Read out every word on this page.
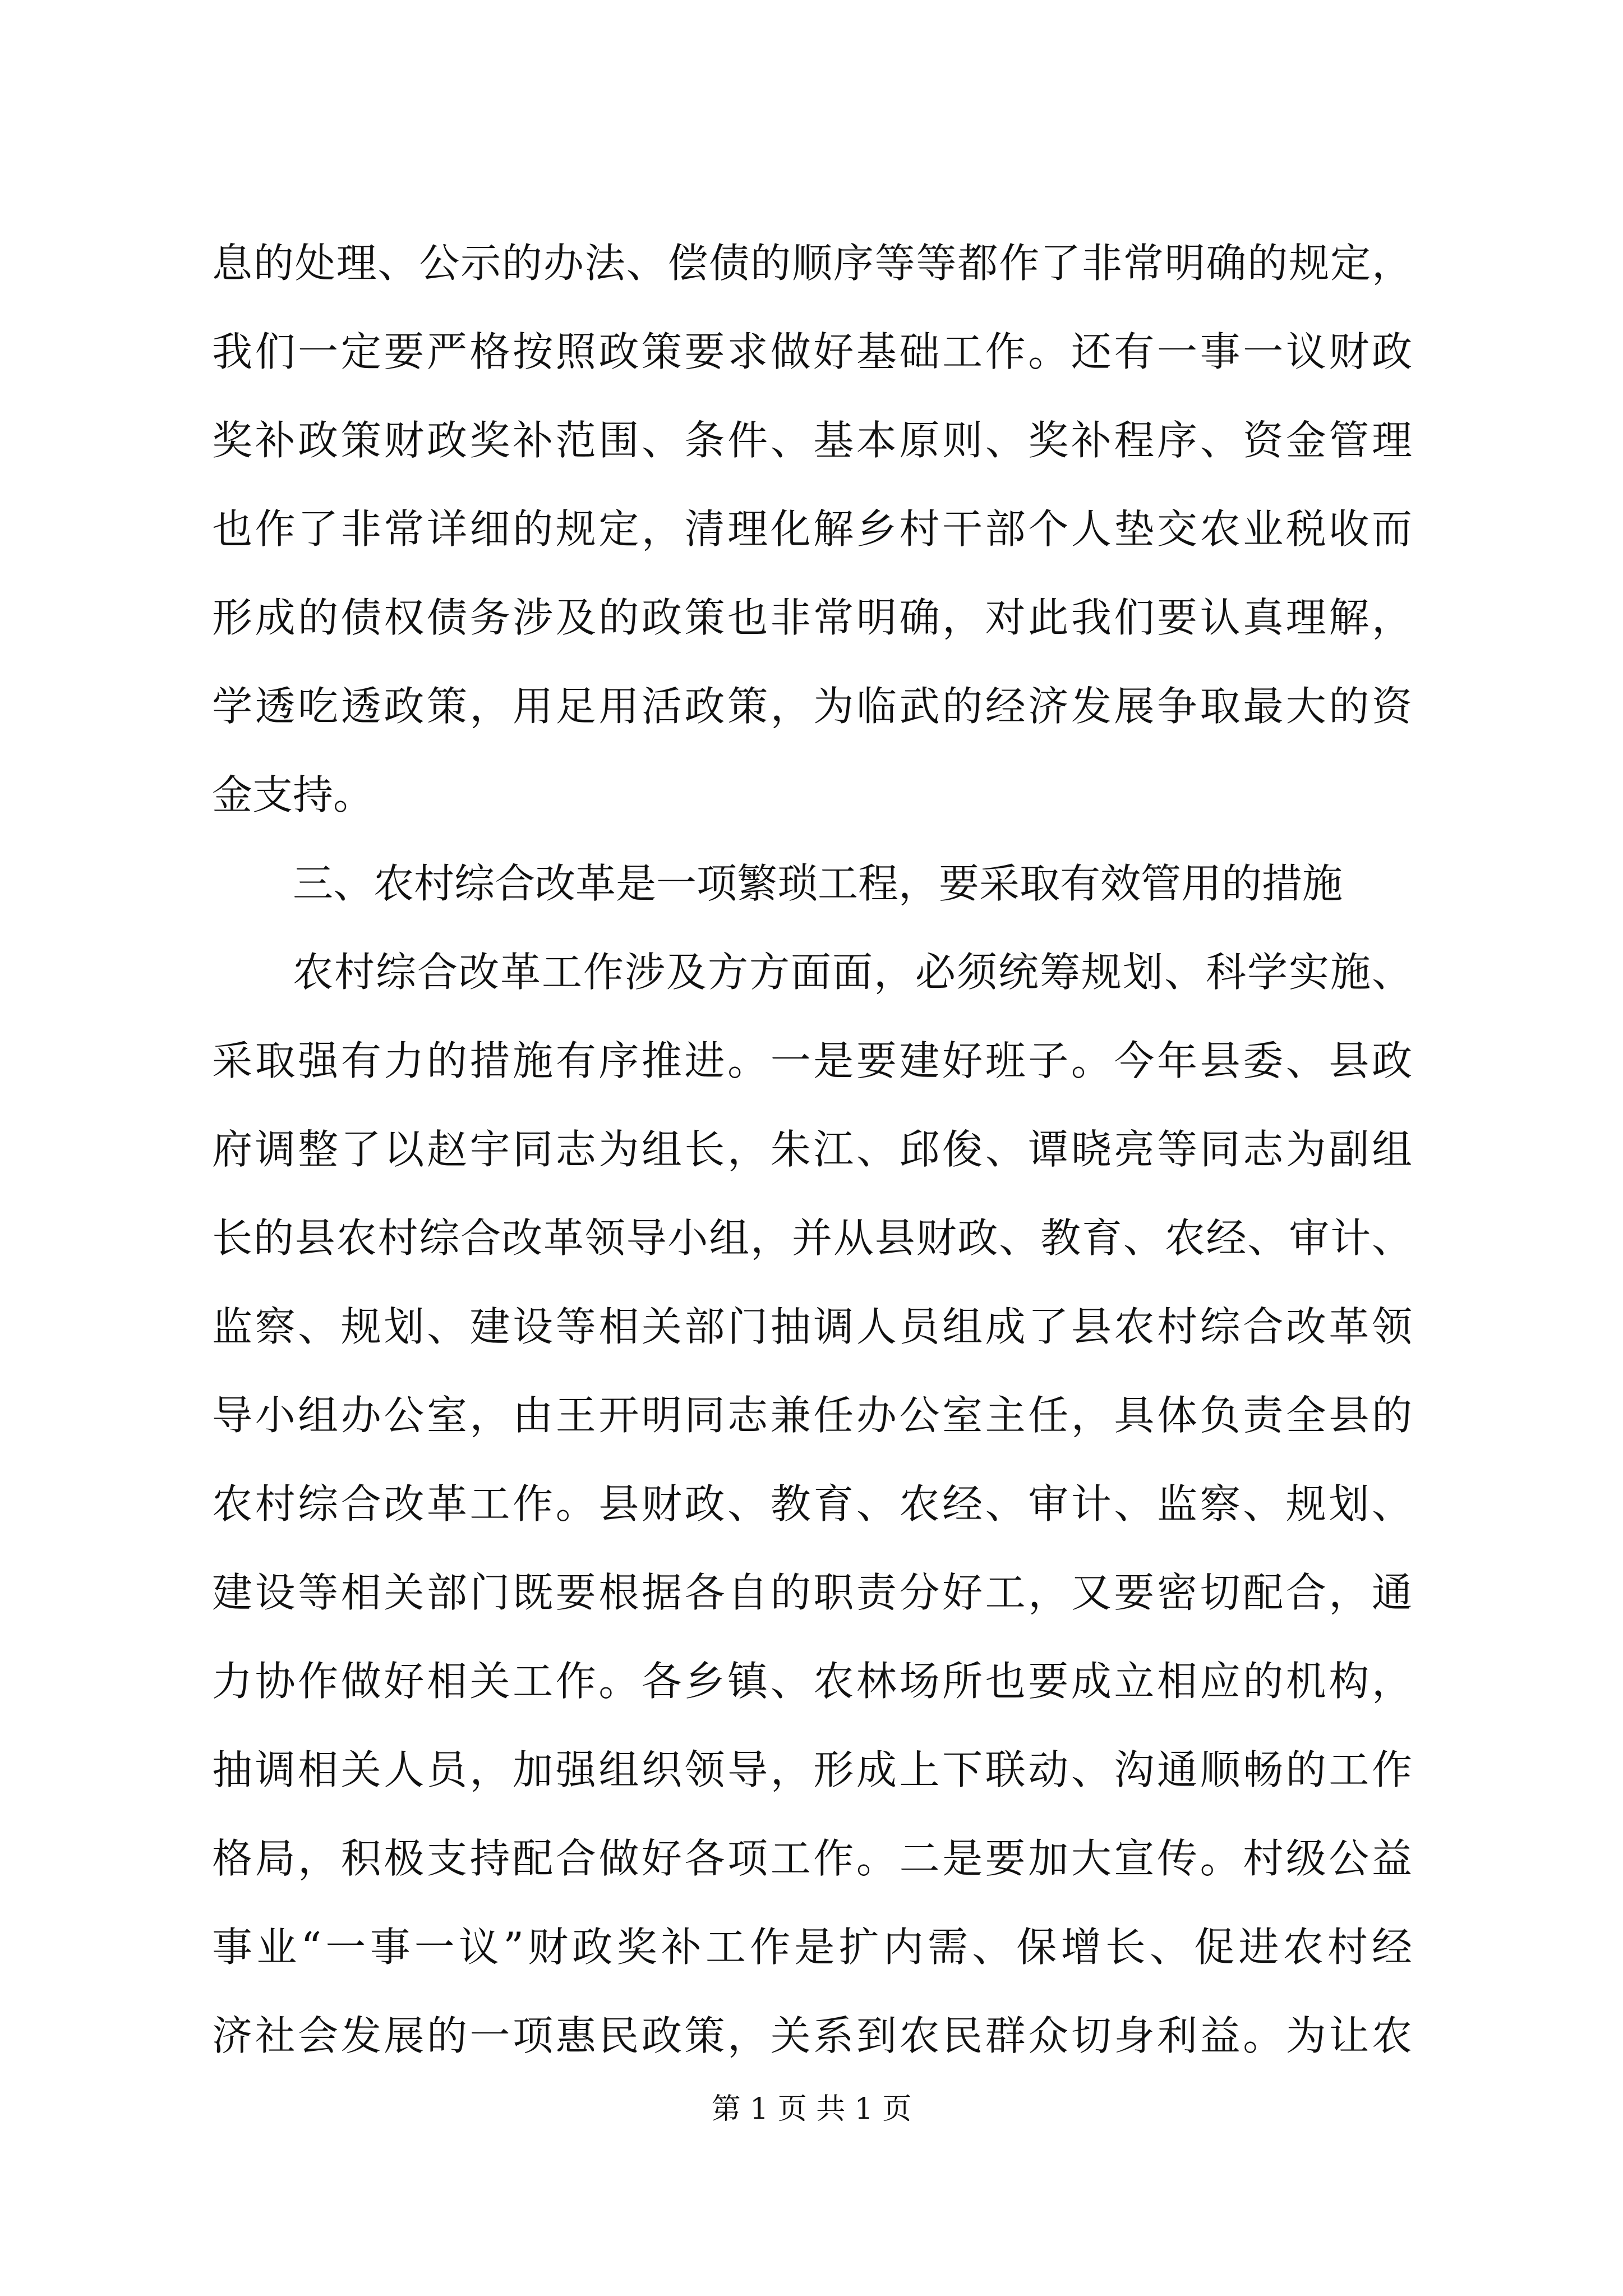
息的处理、公示的办法、偿债的顺序等等都作了非常明确的规定，
我们一定要严格按照政策要求做好基础工作。还有一事一议财政
奖补政策财政奖补范围、条件、基本原则、奖补程序、资金管理
也作了非常详细的规定，清理化解乡村干部个人垫交农业税收而
形成的债权债务涉及的政策也非常明确，对此我们要认真理解，
学透吃透政策，用足用活政策，为临武的经济发展争取最大的资
金支持。
三、农村综合改革是一项繁琐工程，要采取有效管用的措施
农村综合改革工作涉及方方面面，必须统筹规划、科学实施、
采取强有力的措施有序推进。一是要建好班子。今年县委、县政
府调整了以赵宇同志为组长，朱江、邱俊、谭晓亮等同志为副组
长的县农村综合改革领导小组，并从县财政、教育、农经、审计、
监察、规划、建设等相关部门抽调人员组成了县农村综合改革领
导小组办公室，由王开明同志兼任办公室主任，具体负责全县的
农村综合改革工作。县财政、教育、农经、审计、监察、规划、
建设等相关部门既要根据各自的职责分好工，又要密切配合，通
力协作做好相关工作。各乡镇、农林场所也要成立相应的机构，
抽调相关人员，加强组织领导，形成上下联动、沟通顺畅的工作
格局，积极支持配合做好各项工作。二是要加大宣传。村级公益
事业“一事一议”财政奖补工作是扩内需、保增长、促进农村经
济社会发展的一项惠民政策，关系到农民群众切身利益。为让农
第 1 页 共 1 页
